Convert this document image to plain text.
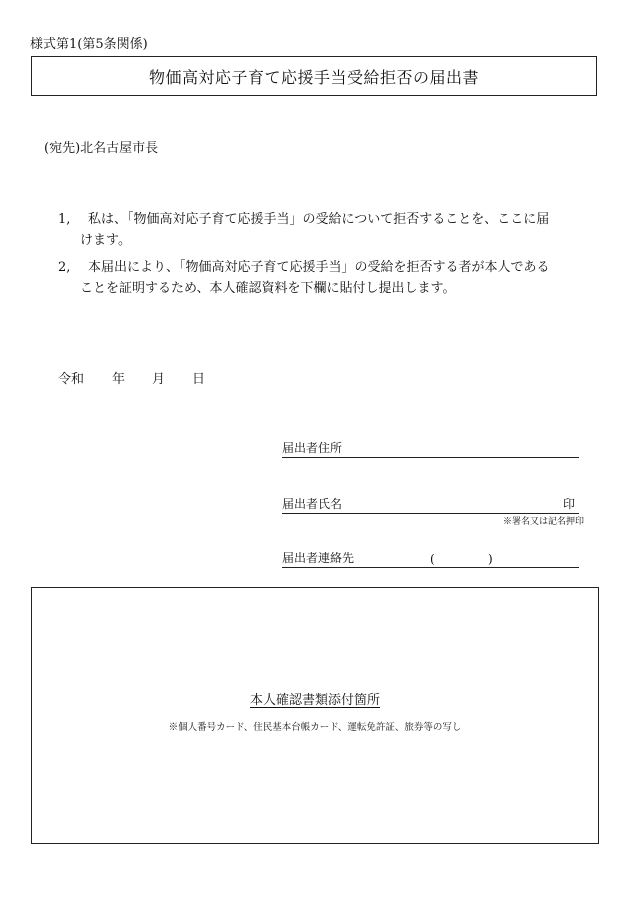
様式第1(第5条関係)
物価高対応子育て応援手当受給拒否の届出書
(宛先)北名古屋市長
1,	私は、「物価高対応子育て応援手当」の受給について拒否することを、ここに届
けます。
2,	本届出により、「物価高対応子育て応援手当」の受給を拒否する者が本人である
ことを証明するため、本人確認資料を下欄に貼付し提出します。
令和 年 月 日
届出者住所
届出者氏名	印
※署名又は記名押印
届出者連絡先	(	)
本人確認書類添付箇所
※個人番号カード、住民基本台帳カード、運転免許証、旅券等の写し
